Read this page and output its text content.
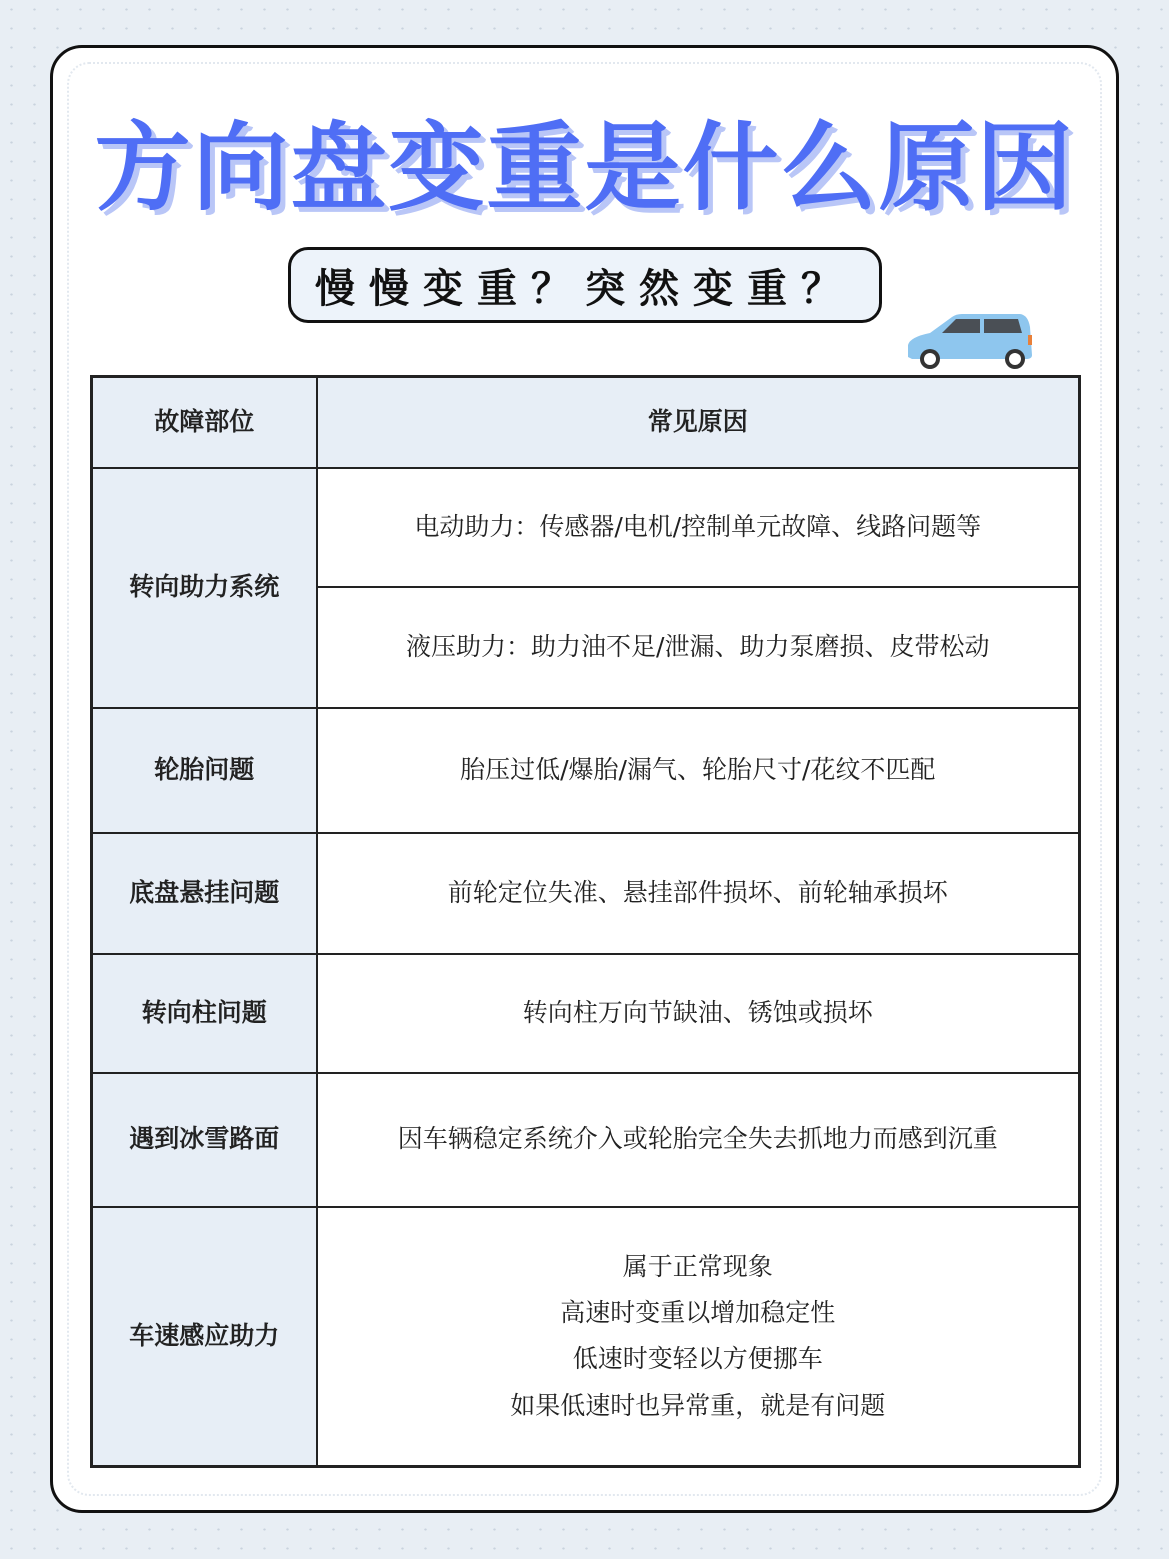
方向盘变重是什么原因
慢慢变重？突然变重？
故障部位	常见原因
转向助力系统	电动助力：传感器/电机/控制单元故障、线路问题等
	液压助力：助力油不足/泄漏、助力泵磨损、皮带松动
轮胎问题	胎压过低/爆胎/漏气、轮胎尺寸/花纹不匹配
底盘悬挂问题	前轮定位失准、悬挂部件损坏、前轮轴承损坏
转向柱问题	转向柱万向节缺油、锈蚀或损坏
遇到冰雪路面	因车辆稳定系统介入或轮胎完全失去抓地力而感到沉重
车速感应助力	属于正常现象
高速时变重以增加稳定性
低速时变轻以方便挪车
如果低速时也异常重，就是有问题
